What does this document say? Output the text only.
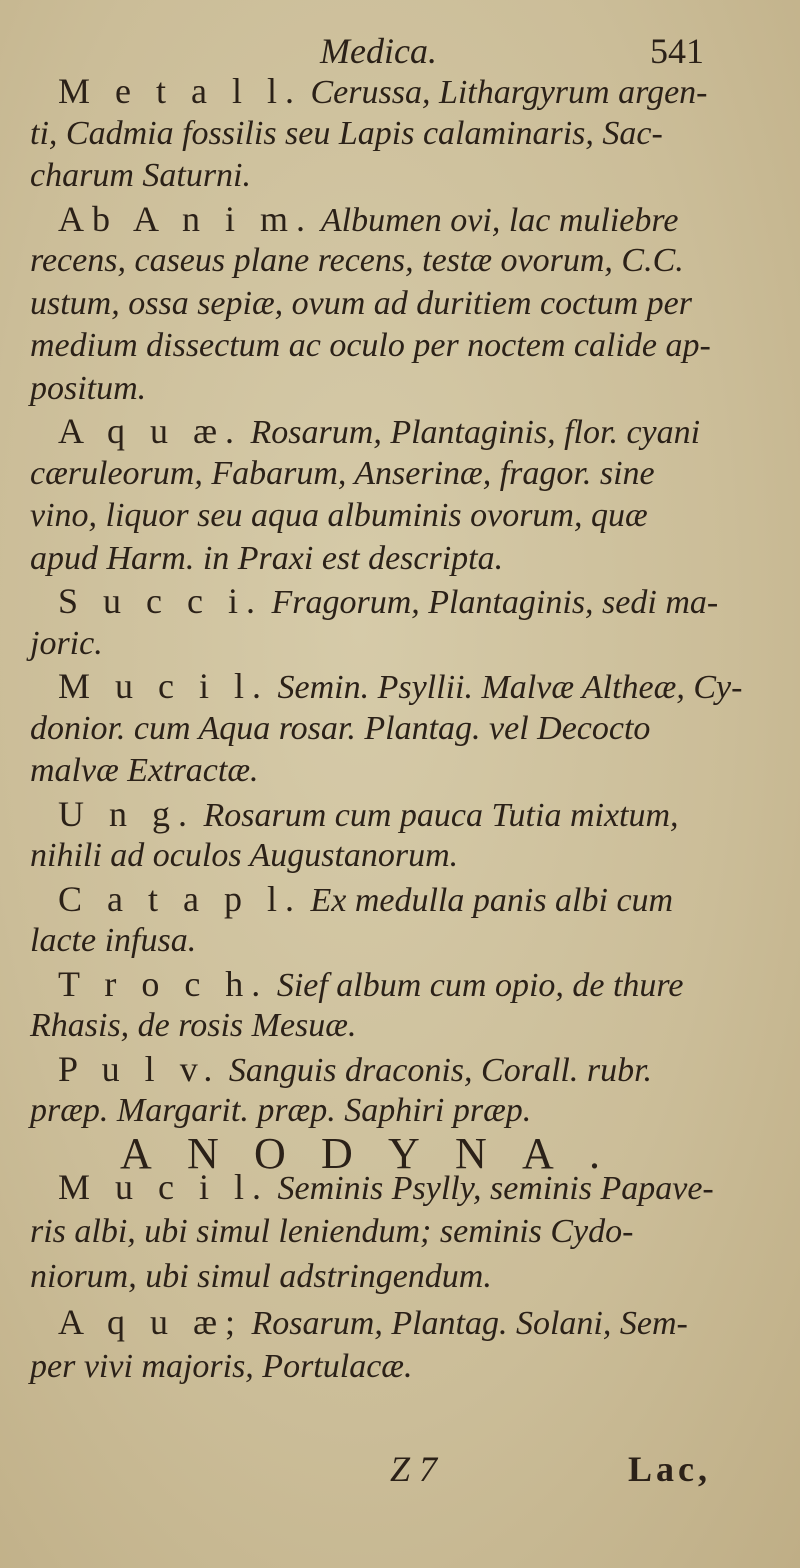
Medica.	541
M e t a l l. Cerussa, Lithargyrum argen-
ti, Cadmia fossilis seu Lapis calaminaris, Sac-
charum Saturni.
Ab A n i m. Albumen ovi, lac muliebre
recens, caseus plane recens, testæ ovorum, C.C.
ustum, ossa sepiæ, ovum ad duritiem coctum per
medium dissectum ac oculo per noctem calide ap-
positum.
A q u æ. Rosarum, Plantaginis, flor. cyani
cæruleorum, Fabarum, Anserinæ, fragor. sine
vino, liquor seu aqua albuminis ovorum, quæ
apud Harm. in Praxi est descripta.
S u c c i. Fragorum, Plantaginis, sedi ma-
joric.
M u c i l. Semin. Psyllii. Malvæ Altheæ, Cy-
donior. cum Aqua rosar. Plantag. vel Decocto
malvæ Extractæ.
U n g. Rosarum cum pauca Tutia mixtum,
nihili ad oculos Augustanorum.
C a t a p l. Ex medulla panis albi cum
lacte infusa.
T r o c h. Sief album cum opio, de thure
Rhasis, de rosis Mesuæ.
P u l v. Sanguis draconis, Corall. rubr.
præp. Margarit. præp. Saphiri præp.
A N O D Y N A .
M u c i l. Seminis Psylly, seminis Papave-
ris albi, ubi simul leniendum; seminis Cydo-
niorum, ubi simul adstringendum.
A q u æ; Rosarum, Plantag. Solani, Sem-
per vivi majoris, Portulacæ.
Z 7	Lac,
